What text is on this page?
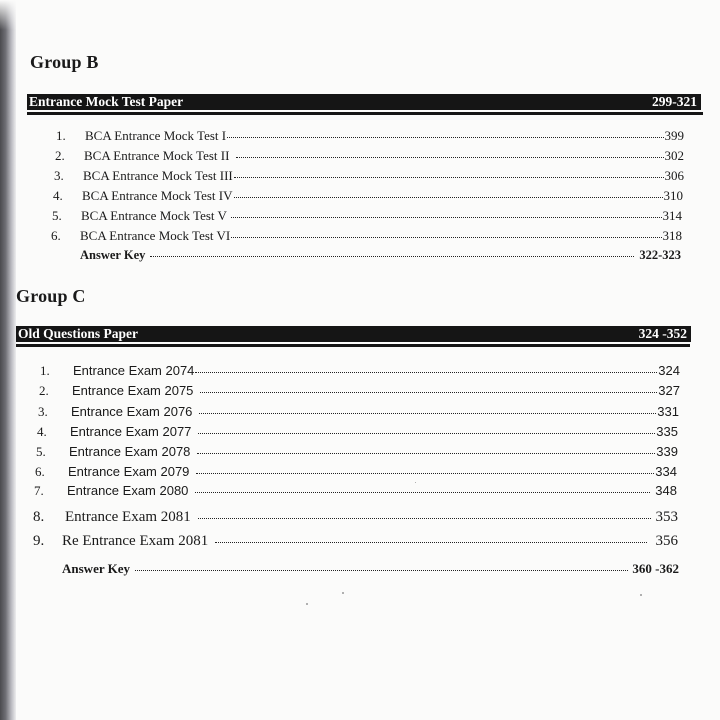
Group B
Entrance Mock Test Paper	299-321
1.	BCA Entrance Mock Test I	399
2.	BCA Entrance Mock Test II	302
3.	BCA Entrance Mock Test III	306
4.	BCA Entrance Mock Test IV	310
5.	BCA Entrance Mock Test V	314
6.	BCA Entrance Mock Test VI	318
Answer Key	322-323
Group C
Old Questions Paper	324 -352
1.	Entrance Exam 2074	324
2.	Entrance Exam 2075	327
3.	Entrance Exam 2076	331
4.	Entrance Exam 2077	335
5.	Entrance Exam 2078	339
6.	Entrance Exam 2079	334
7.	Entrance Exam 2080	348
8.	Entrance Exam 2081	353
9.	Re Entrance Exam 2081	356
Answer Key	360 -362
